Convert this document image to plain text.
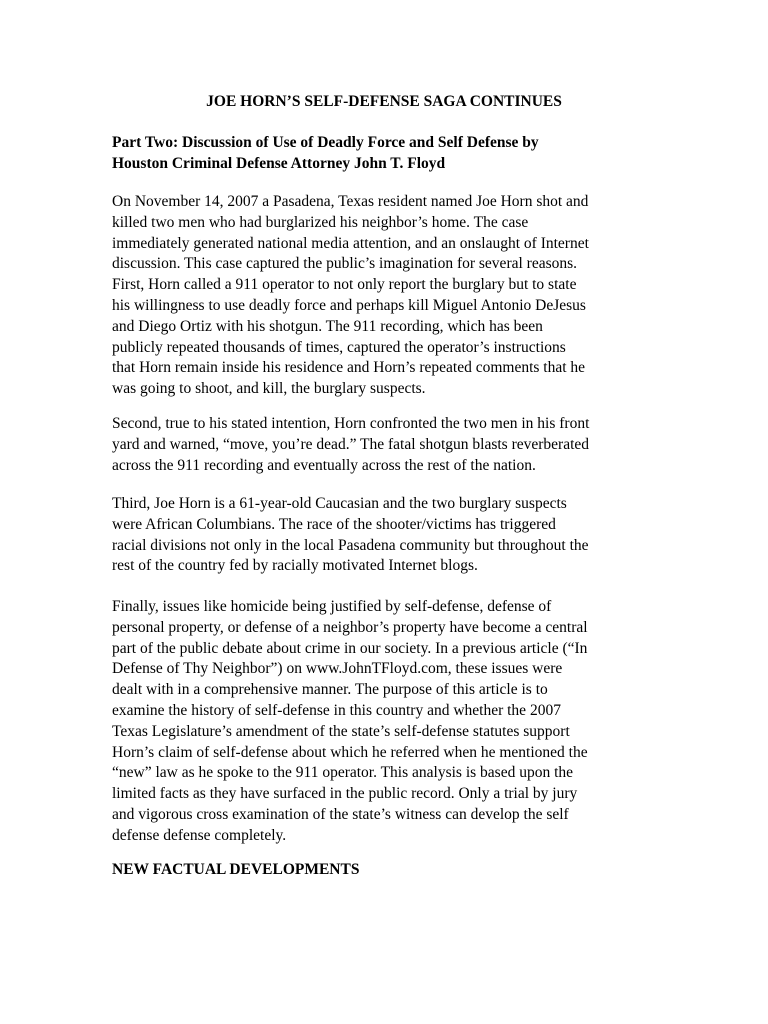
JOE HORN’S SELF-DEFENSE SAGA CONTINUES
Part Two: Discussion of Use of Deadly Force and Self Defense by
Houston Criminal Defense Attorney John T. Floyd

On November 14, 2007 a Pasadena, Texas resident named Joe Horn shot and
killed two men who had burglarized his neighbor’s home. The case
immediately generated national media attention, and an onslaught of Internet
discussion. This case captured the public’s imagination for several reasons.
First, Horn called a 911 operator to not only report the burglary but to state
his willingness to use deadly force and perhaps kill Miguel Antonio DeJesus
and Diego Ortiz with his shotgun. The 911 recording, which has been
publicly repeated thousands of times, captured the operator’s instructions
that Horn remain inside his residence and Horn’s repeated comments that he
was going to shoot, and kill, the burglary suspects.

Second, true to his stated intention, Horn confronted the two men in his front
yard and warned, “move, you’re dead.” The fatal shotgun blasts reverberated
across the 911 recording and eventually across the rest of the nation.

Third, Joe Horn is a 61-year-old Caucasian and the two burglary suspects
were African Columbians. The race of the shooter/victims has triggered
racial divisions not only in the local Pasadena community but throughout the
rest of the country fed by racially motivated Internet blogs.

Finally, issues like homicide being justified by self-defense, defense of
personal property, or defense of a neighbor’s property have become a central
part of the public debate about crime in our society. In a previous article (“In
Defense of Thy Neighbor”) on www.JohnTFloyd.com, these issues were
dealt with in a comprehensive manner. The purpose of this article is to
examine the history of self-defense in this country and whether the 2007
Texas Legislature’s amendment of the state’s self-defense statutes support
Horn’s claim of self-defense about which he referred when he mentioned the
“new” law as he spoke to the 911 operator. This analysis is based upon the
limited facts as they have surfaced in the public record. Only a trial by jury
and vigorous cross examination of the state’s witness can develop the self
defense defense completely.

NEW FACTUAL DEVELOPMENTS
